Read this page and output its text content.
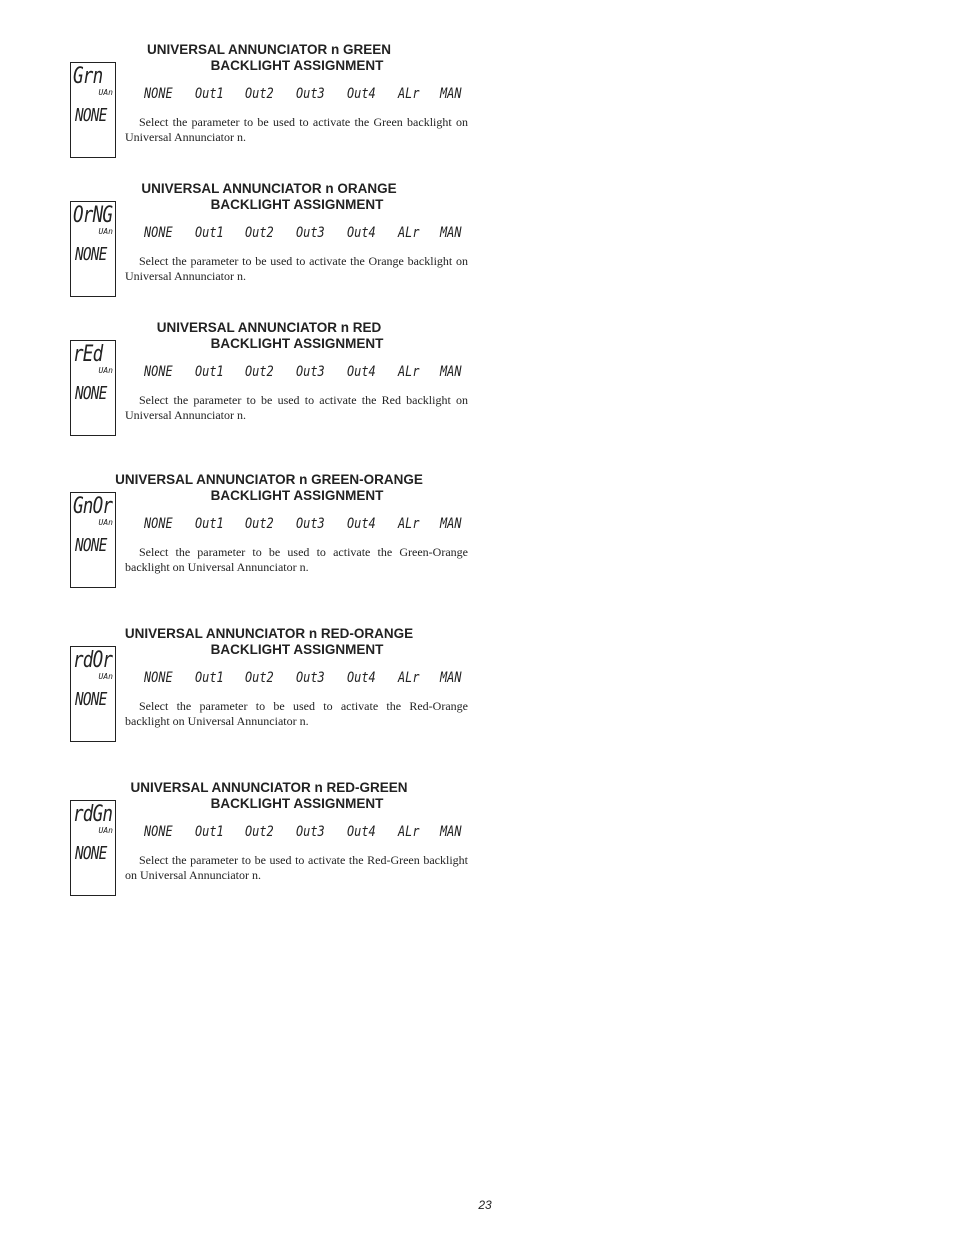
Grn
UAn
NONE
UNIVERSAL ANNUNCIATOR n GREEN
BACKLIGHT ASSIGNMENT
NONE Out1 Out2 Out3 Out4 ALr MAN
Select the parameter to be used to activate the Green backlight on Universal Annunciator n.
OrNG
UAn
NONE
UNIVERSAL ANNUNCIATOR n ORANGE
BACKLIGHT ASSIGNMENT
NONE Out1 Out2 Out3 Out4 ALr MAN
Select the parameter to be used to activate the Orange backlight on Universal Annunciator n.
rEd
UAn
NONE
UNIVERSAL ANNUNCIATOR n RED
BACKLIGHT ASSIGNMENT
NONE Out1 Out2 Out3 Out4 ALr MAN
Select the parameter to be used to activate the Red backlight on Universal Annunciator n.
GnOr
UAn
NONE
UNIVERSAL ANNUNCIATOR n GREEN-ORANGE
BACKLIGHT ASSIGNMENT
NONE Out1 Out2 Out3 Out4 ALr MAN
Select the parameter to be used to activate the Green-Orange backlight on Universal Annunciator n.
rdOr
UAn
NONE
UNIVERSAL ANNUNCIATOR n RED-ORANGE
BACKLIGHT ASSIGNMENT
NONE Out1 Out2 Out3 Out4 ALr MAN
Select the parameter to be used to activate the Red-Orange backlight on Universal Annunciator n.
rdGn
UAn
NONE
UNIVERSAL ANNUNCIATOR n RED-GREEN
BACKLIGHT ASSIGNMENT
NONE Out1 Out2 Out3 Out4 ALr MAN
Select the parameter to be used to activate the Red-Green backlight on Universal Annunciator n.
23
